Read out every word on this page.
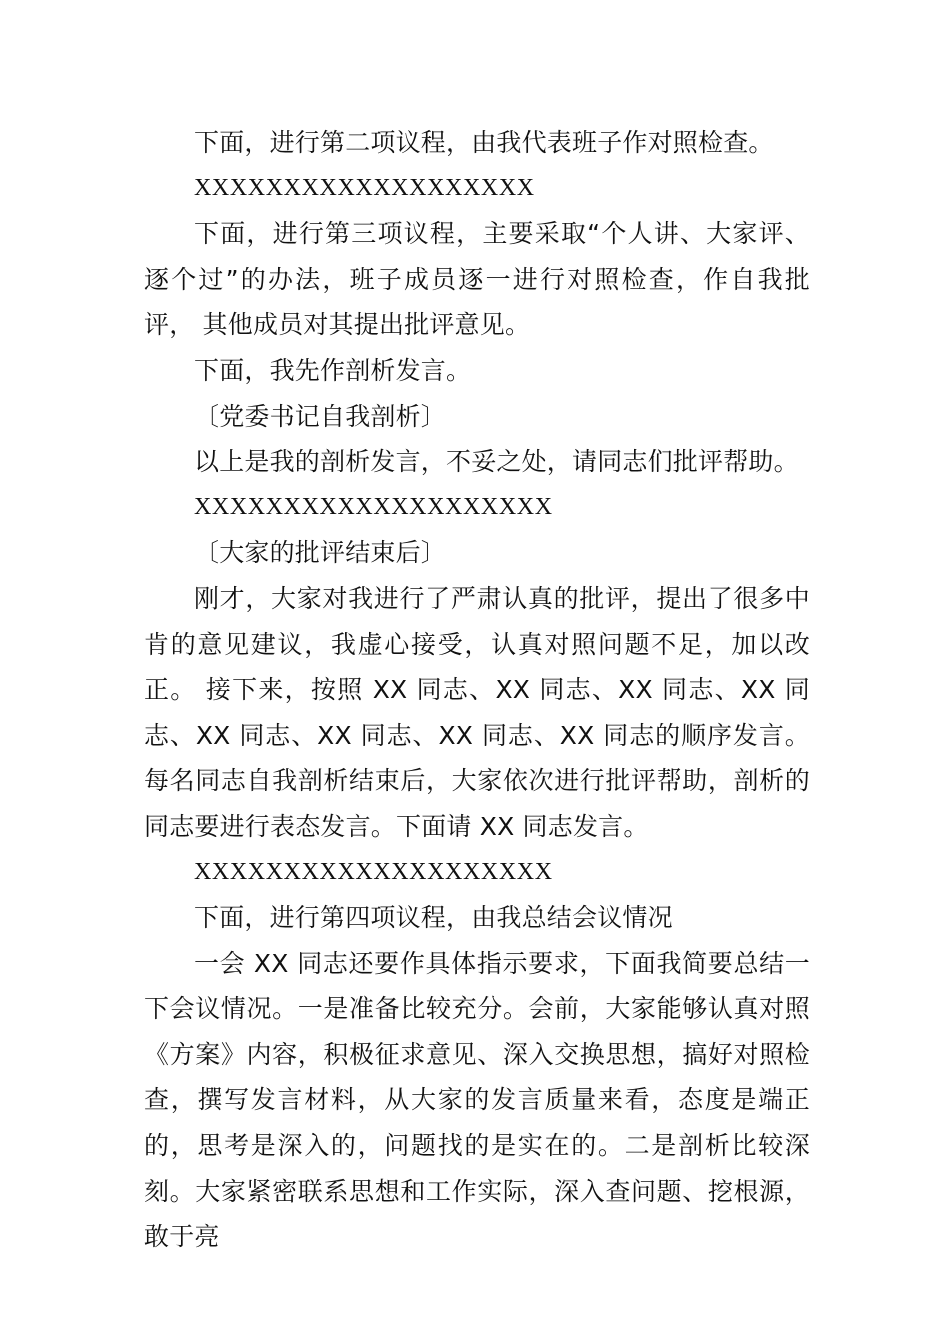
下面，进行第二项议程，由我代表班子作对照检查。

XXXXXXXXXXXXXXXXXXX

下面，进行第三项议程，主要采取“个人讲、大家评、 逐个过”的办法，班子成员逐一进行对照检查，作自我批评， 其他成员对其提出批评意见。

下面，我先作剖析发言。

〔党委书记自我剖析〕

以上是我的剖析发言，不妥之处，请同志们批评帮助。

XXXXXXXXXXXXXXXXXXXX

〔大家的批评结束后〕

刚才，大家对我进行了严肃认真的批评，提出了很多中肯的意见建议，我虚心接受，认真对照问题不足，加以改正。 接下来，按照 XX 同志、XX 同志、XX 同志、XX 同志、XX 同志、XX 同志、XX 同志、XX 同志的顺序发言。每名同志自我剖析结束后，大家依次进行批评帮助，剖析的同志要进行表态发言。下面请 XX 同志发言。

XXXXXXXXXXXXXXXXXXXX

下面，进行第四项议程，由我总结会议情况

一会 XX 同志还要作具体指示要求，下面我简要总结一下会议情况。一是准备比较充分。会前，大家能够认真对照《方案》内容，积极征求意见、深入交换思想，搞好对照检查，撰写发言材料，从大家的发言质量来看，态度是端正的，思考是深入的，问题找的是实在的。二是剖析比较深刻。大家紧密联系思想和工作实际，深入查问题、挖根源，敢于亮
